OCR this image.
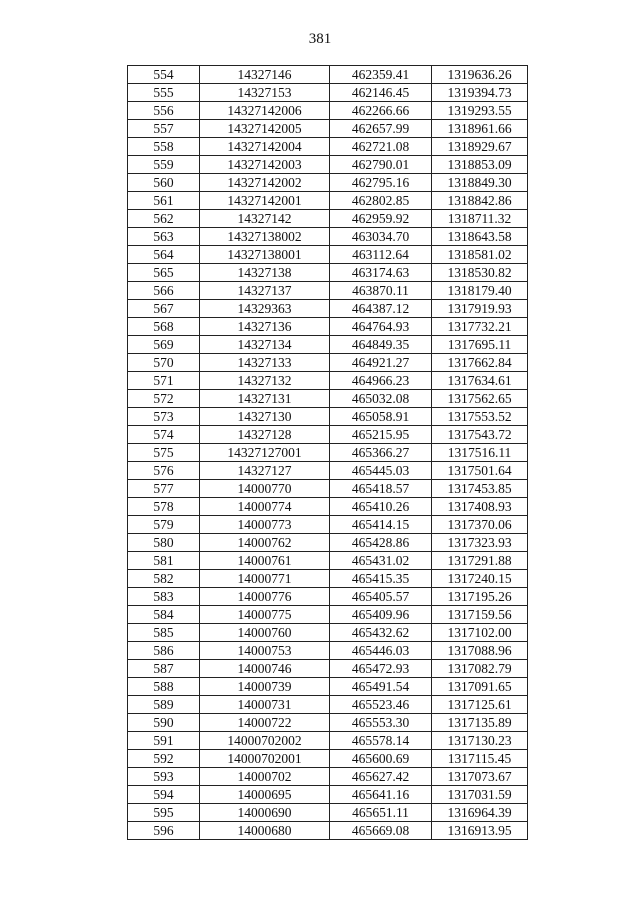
381
554	14327146	462359.41	1319636.26
555	14327153	462146.45	1319394.73
556	14327142006	462266.66	1319293.55
557	14327142005	462657.99	1318961.66
558	14327142004	462721.08	1318929.67
559	14327142003	462790.01	1318853.09
560	14327142002	462795.16	1318849.30
561	14327142001	462802.85	1318842.86
562	14327142	462959.92	1318711.32
563	14327138002	463034.70	1318643.58
564	14327138001	463112.64	1318581.02
565	14327138	463174.63	1318530.82
566	14327137	463870.11	1318179.40
567	14329363	464387.12	1317919.93
568	14327136	464764.93	1317732.21
569	14327134	464849.35	1317695.11
570	14327133	464921.27	1317662.84
571	14327132	464966.23	1317634.61
572	14327131	465032.08	1317562.65
573	14327130	465058.91	1317553.52
574	14327128	465215.95	1317543.72
575	14327127001	465366.27	1317516.11
576	14327127	465445.03	1317501.64
577	14000770	465418.57	1317453.85
578	14000774	465410.26	1317408.93
579	14000773	465414.15	1317370.06
580	14000762	465428.86	1317323.93
581	14000761	465431.02	1317291.88
582	14000771	465415.35	1317240.15
583	14000776	465405.57	1317195.26
584	14000775	465409.96	1317159.56
585	14000760	465432.62	1317102.00
586	14000753	465446.03	1317088.96
587	14000746	465472.93	1317082.79
588	14000739	465491.54	1317091.65
589	14000731	465523.46	1317125.61
590	14000722	465553.30	1317135.89
591	14000702002	465578.14	1317130.23
592	14000702001	465600.69	1317115.45
593	14000702	465627.42	1317073.67
594	14000695	465641.16	1317031.59
595	14000690	465651.11	1316964.39
596	14000680	465669.08	1316913.95
